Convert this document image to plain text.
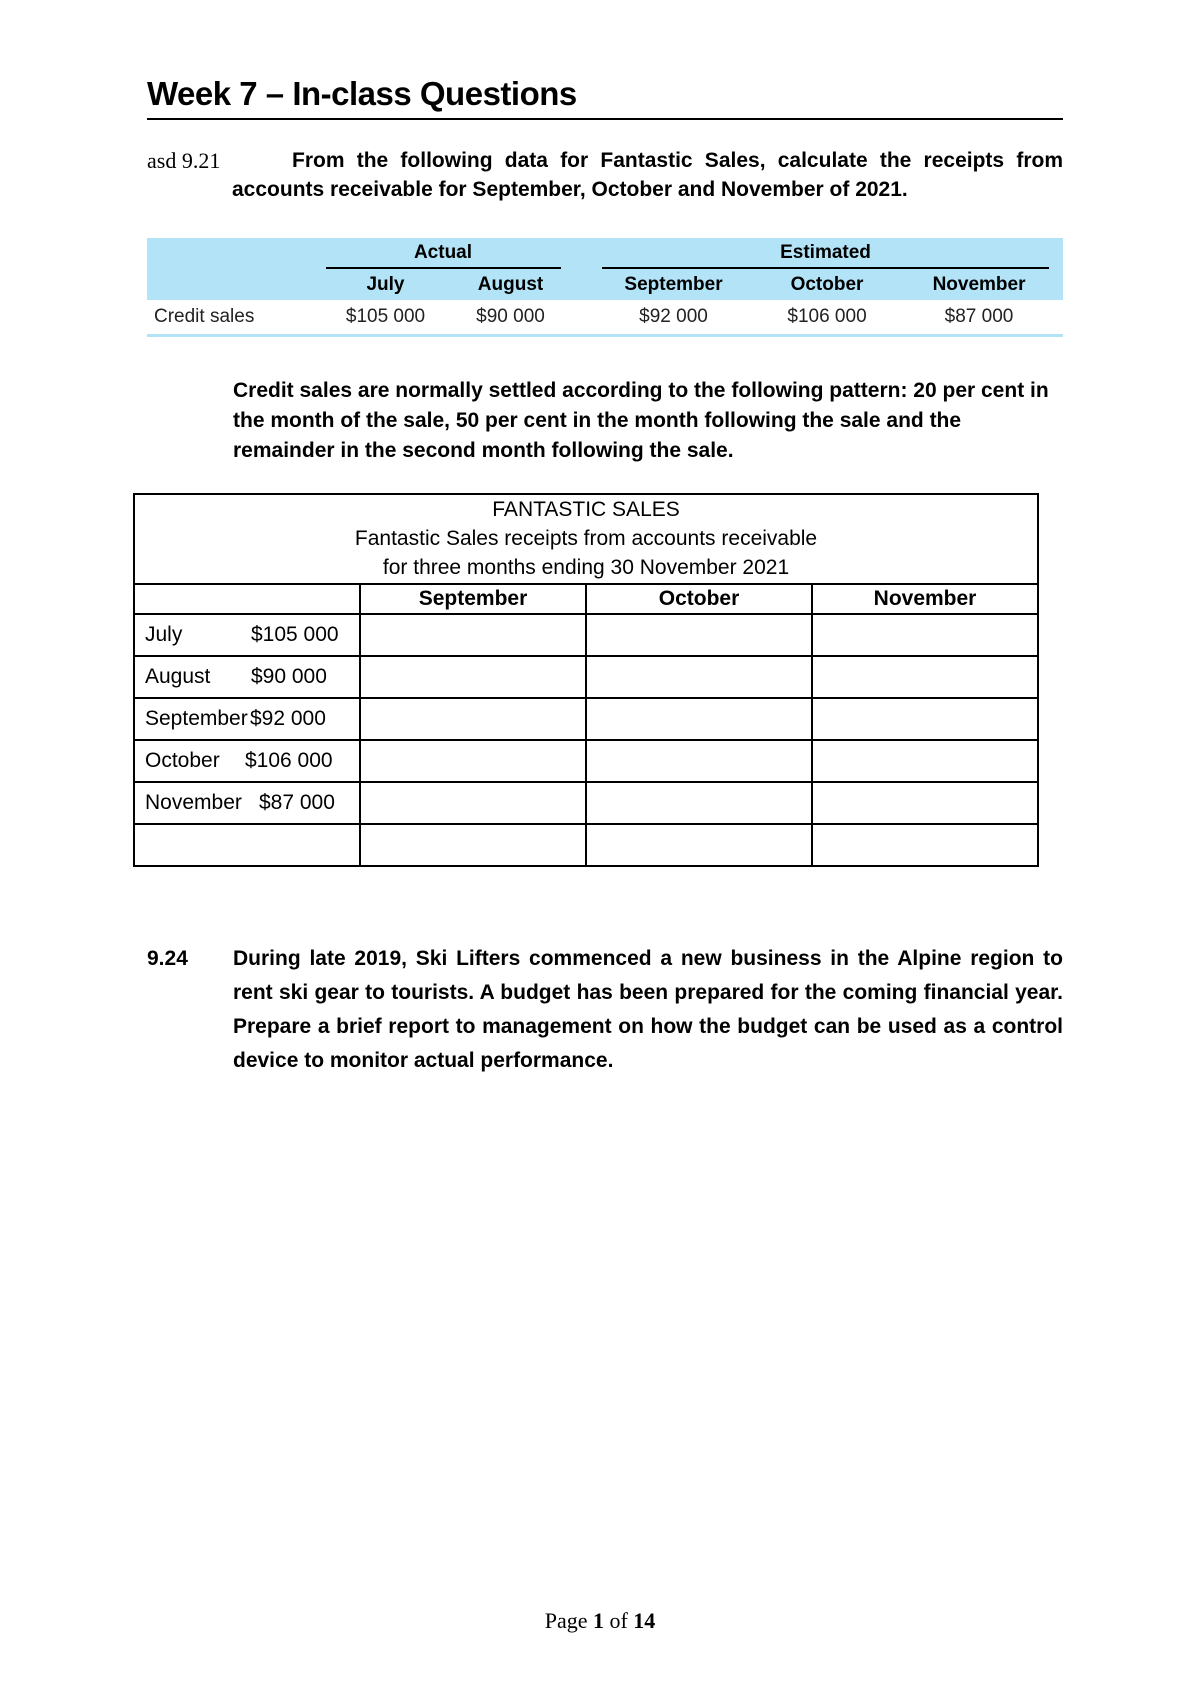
Week 7 – In-class Questions
asd 9.21	From the following data for Fantastic Sales, calculate the receipts from accounts receivable for September, October and November of 2021.
	Actual			Estimated		
	July	August		September	October	November
Credit sales	$105 000	$90 000		$92 000	$106 000	$87 000
Credit sales are normally settled according to the following pattern: 20 per cent in the month of the sale, 50 per cent in the month following the sale and the remainder in the second month following the sale.
FANTASTIC SALES
Fantastic Sales receipts from accounts receivable
for three months ending 30 November 2021			

	September	October	November
July $105 000			
August $90 000			
September $92 000			
October $106 000			
November $87 000			

9.24 During late 2019, Ski Lifters commenced a new business in the Alpine region to rent ski gear to tourists. A budget has been prepared for the coming financial year. Prepare a brief report to management on how the budget can be used as a control device to monitor actual performance.
Page 1 of 14
